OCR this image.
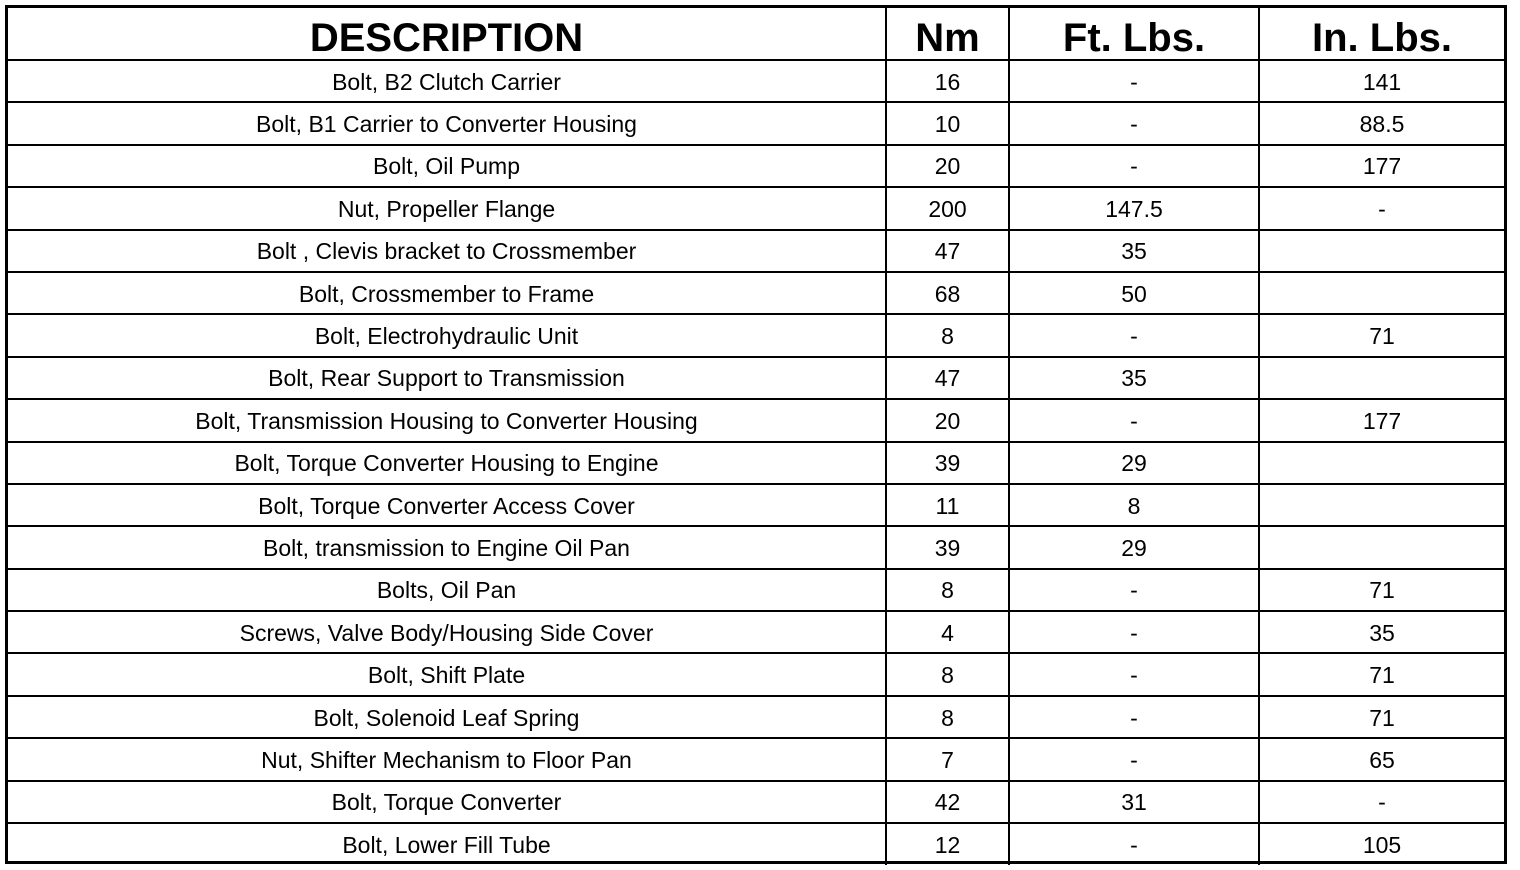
DESCRIPTION	Nm	Ft. Lbs.	In. Lbs.
Bolt, B2 Clutch Carrier	16	-	141
Bolt, B1 Carrier to Converter Housing	10	-	88.5
Bolt, Oil Pump	20	-	177
Nut, Propeller Flange	200	147.5	-
Bolt , Clevis bracket to Crossmember	47	35	
Bolt, Crossmember to Frame	68	50	
Bolt, Electrohydraulic Unit	8	-	71
Bolt, Rear Support to Transmission	47	35	
Bolt, Transmission Housing to Converter Housing	20	-	177
Bolt, Torque Converter Housing to Engine	39	29	
Bolt, Torque Converter Access Cover	11	8	
Bolt, transmission to Engine Oil Pan	39	29	
Bolts, Oil Pan	8	-	71
Screws, Valve Body/Housing Side Cover	4	-	35
Bolt, Shift Plate	8	-	71
Bolt, Solenoid Leaf Spring	8	-	71
Nut, Shifter Mechanism to Floor Pan	7	-	65
Bolt, Torque Converter	42	31	-
Bolt, Lower Fill Tube	12	-	105
